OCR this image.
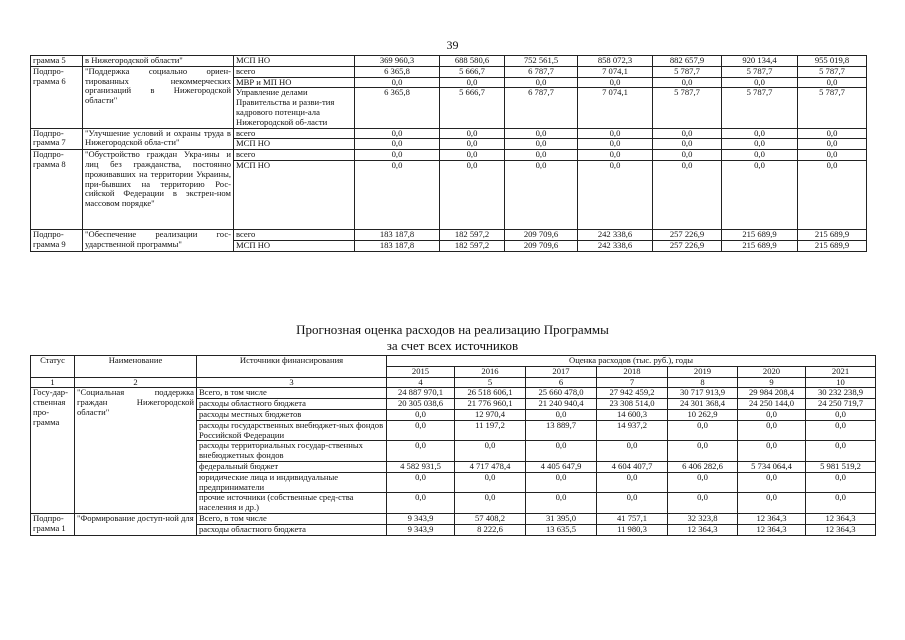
39
грамма 5	в Нижегородской области"	МСП НО	369 960,3	688 580,6	752 561,5	858 072,3	882 657,9	920 134,4	955 019,8
Подпро-грамма 6	"Поддержка социально ориен-тированных некоммерческих организаций в Нижегородской области"	всего	6 365,8	5 666,7	6 787,7	7 074,1	5 787,7	5 787,7	5 787,7
		МВР и МП НО	0,0	0,0	0,0	0,0	0,0	0,0	0,0
		Управление делами Правительства и разви-тия кадрового потенци-ала Нижегородской об-ласти	6 365,8	5 666,7	6 787,7	7 074,1	5 787,7	5 787,7	5 787,7
Подпро-грамма 7	"Улучшение условий и охраны труда в Нижегородской обла-сти"	всего	0,0	0,0	0,0	0,0	0,0	0,0	0,0
		МСП НО	0,0	0,0	0,0	0,0	0,0	0,0	0,0
Подпро-грамма 8	"Обустройство граждан Укра-ины и лиц без гражданства, постоянно проживавших на территории Украины, при-бывших на территорию Рос-сийской Федерации в экстрен-ном массовом порядке"	всего	0,0	0,0	0,0	0,0	0,0	0,0	0,0
		МСП НО	0,0	0,0	0,0	0,0	0,0	0,0	0,0
Подпро-грамма 9	"Обеспечение реализации гос-ударственной программы"	всего	183 187,8	182 597,2	209 709,6	242 338,6	257 226,9	215 689,9	215 689,9
		МСП НО	183 187,8	182 597,2	209 709,6	242 338,6	257 226,9	215 689,9	215 689,9
Прогнозная оценка расходов на реализацию Программы
за счет всех источников
Статус	Наименование	Источники финансирования	Оценка расходов (тыс. руб.), годы						
			2015	2016	2017	2018	2019	2020	2021
1	2	3	4	5	6	7	8	9	10
Госу-дар-ственная про-грамма	"Социальная поддержка граждан Нижегородской области"	Всего, в том числе	24 887 970,1	26 518 606,1	25 660 478,0	27 942 459,2	30 717 913,9	29 984 208,4	30 232 238,9
		расходы областного бюджета	20 305 038,6	21 776 960,1	21 240 940,4	23 308 514,0	24 301 368,4	24 250 144,0	24 250 719,7
		расходы местных бюджетов	0,0	12 970,4	0,0	14 600,3	10 262,9	0,0	0,0
		расходы государственных внебюджет-ных фондов Российской Федерации	0,0	11 197,2	13 889,7	14 937,2	0,0	0,0	0,0
		расходы территориальных государ-ственных внебюджетных фондов	0,0	0,0	0,0	0,0	0,0	0,0	0,0
		федеральный бюджет	4 582 931,5	4 717 478,4	4 405 647,9	4 604 407,7	6 406 282,6	5 734 064,4	5 981 519,2
		юридические лица и индивидуальные предприниматели	0,0	0,0	0,0	0,0	0,0	0,0	0,0
		прочие источники (собственные сред-ства населения и др.)	0,0	0,0	0,0	0,0	0,0	0,0	0,0
Подпро-грамма 1	"Формирование доступ-ной для	Всего, в том числе	9 343,9	57 408,2	31 395,0	41 757,1	32 323,8	12 364,3	12 364,3
		расходы областного бюджета	9 343,9	8 222,6	13 635,5	11 980,3	12 364,3	12 364,3	12 364,3
